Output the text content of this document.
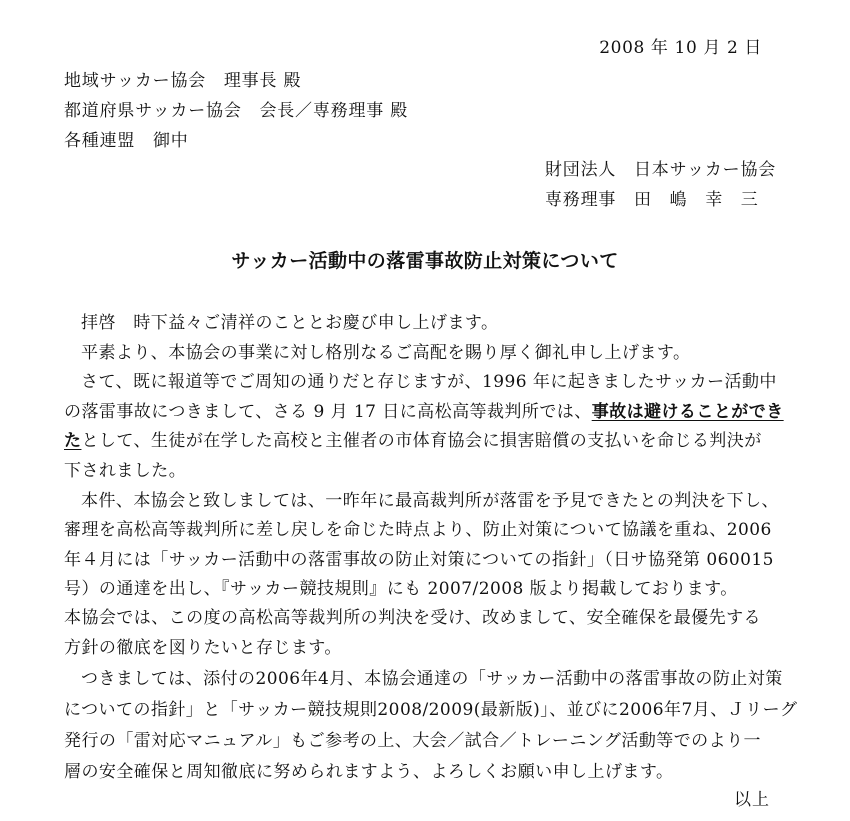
2008 年 10 月 2 日
地域サッカー協会　理事長 殿
都道府県サッカー協会　会長／専務理事 殿
各種連盟　御中
財団法人　日本サッカー協会
専務理事　田　嶋　幸　三
サッカー活動中の落雷事故防止対策について
拝啓　時下益々ご清祥のこととお慶び申し上げます。
平素より、本協会の事業に対し格別なるご高配を賜り厚く御礼申し上げます。
さて、既に報道等でご周知の通りだと存じますが、1996 年に起きましたサッカー活動中
の落雷事故につきまして、さる 9 月 17 日に高松高等裁判所では、事故は避けることができ
たとして、生徒が在学した高校と主催者の市体育協会に損害賠償の支払いを命じる判決が
下されました。
本件、本協会と致しましては、一昨年に最高裁判所が落雷を予見できたとの判決を下し、
審理を高松高等裁判所に差し戻しを命じた時点より、防止対策について協議を重ね、2006
年４月には「サッカー活動中の落雷事故の防止対策についての指針」（日サ協発第 060015
号）の通達を出し、『サッカー競技規則』にも 2007/2008 版より掲載しております。
本協会では、この度の高松高等裁判所の判決を受け、改めまして、安全確保を最優先する
方針の徹底を図りたいと存じます。
つきましては、添付の2006年4月、本協会通達の「サッカー活動中の落雷事故の防止対策
についての指針」と「サッカー競技規則2008/2009(最新版)」、並びに2006年7月、Ｊリーグ
発行の「雷対応マニュアル」もご参考の上、大会／試合／トレーニング活動等でのより一
層の安全確保と周知徹底に努められますよう、よろしくお願い申し上げます。
以上
